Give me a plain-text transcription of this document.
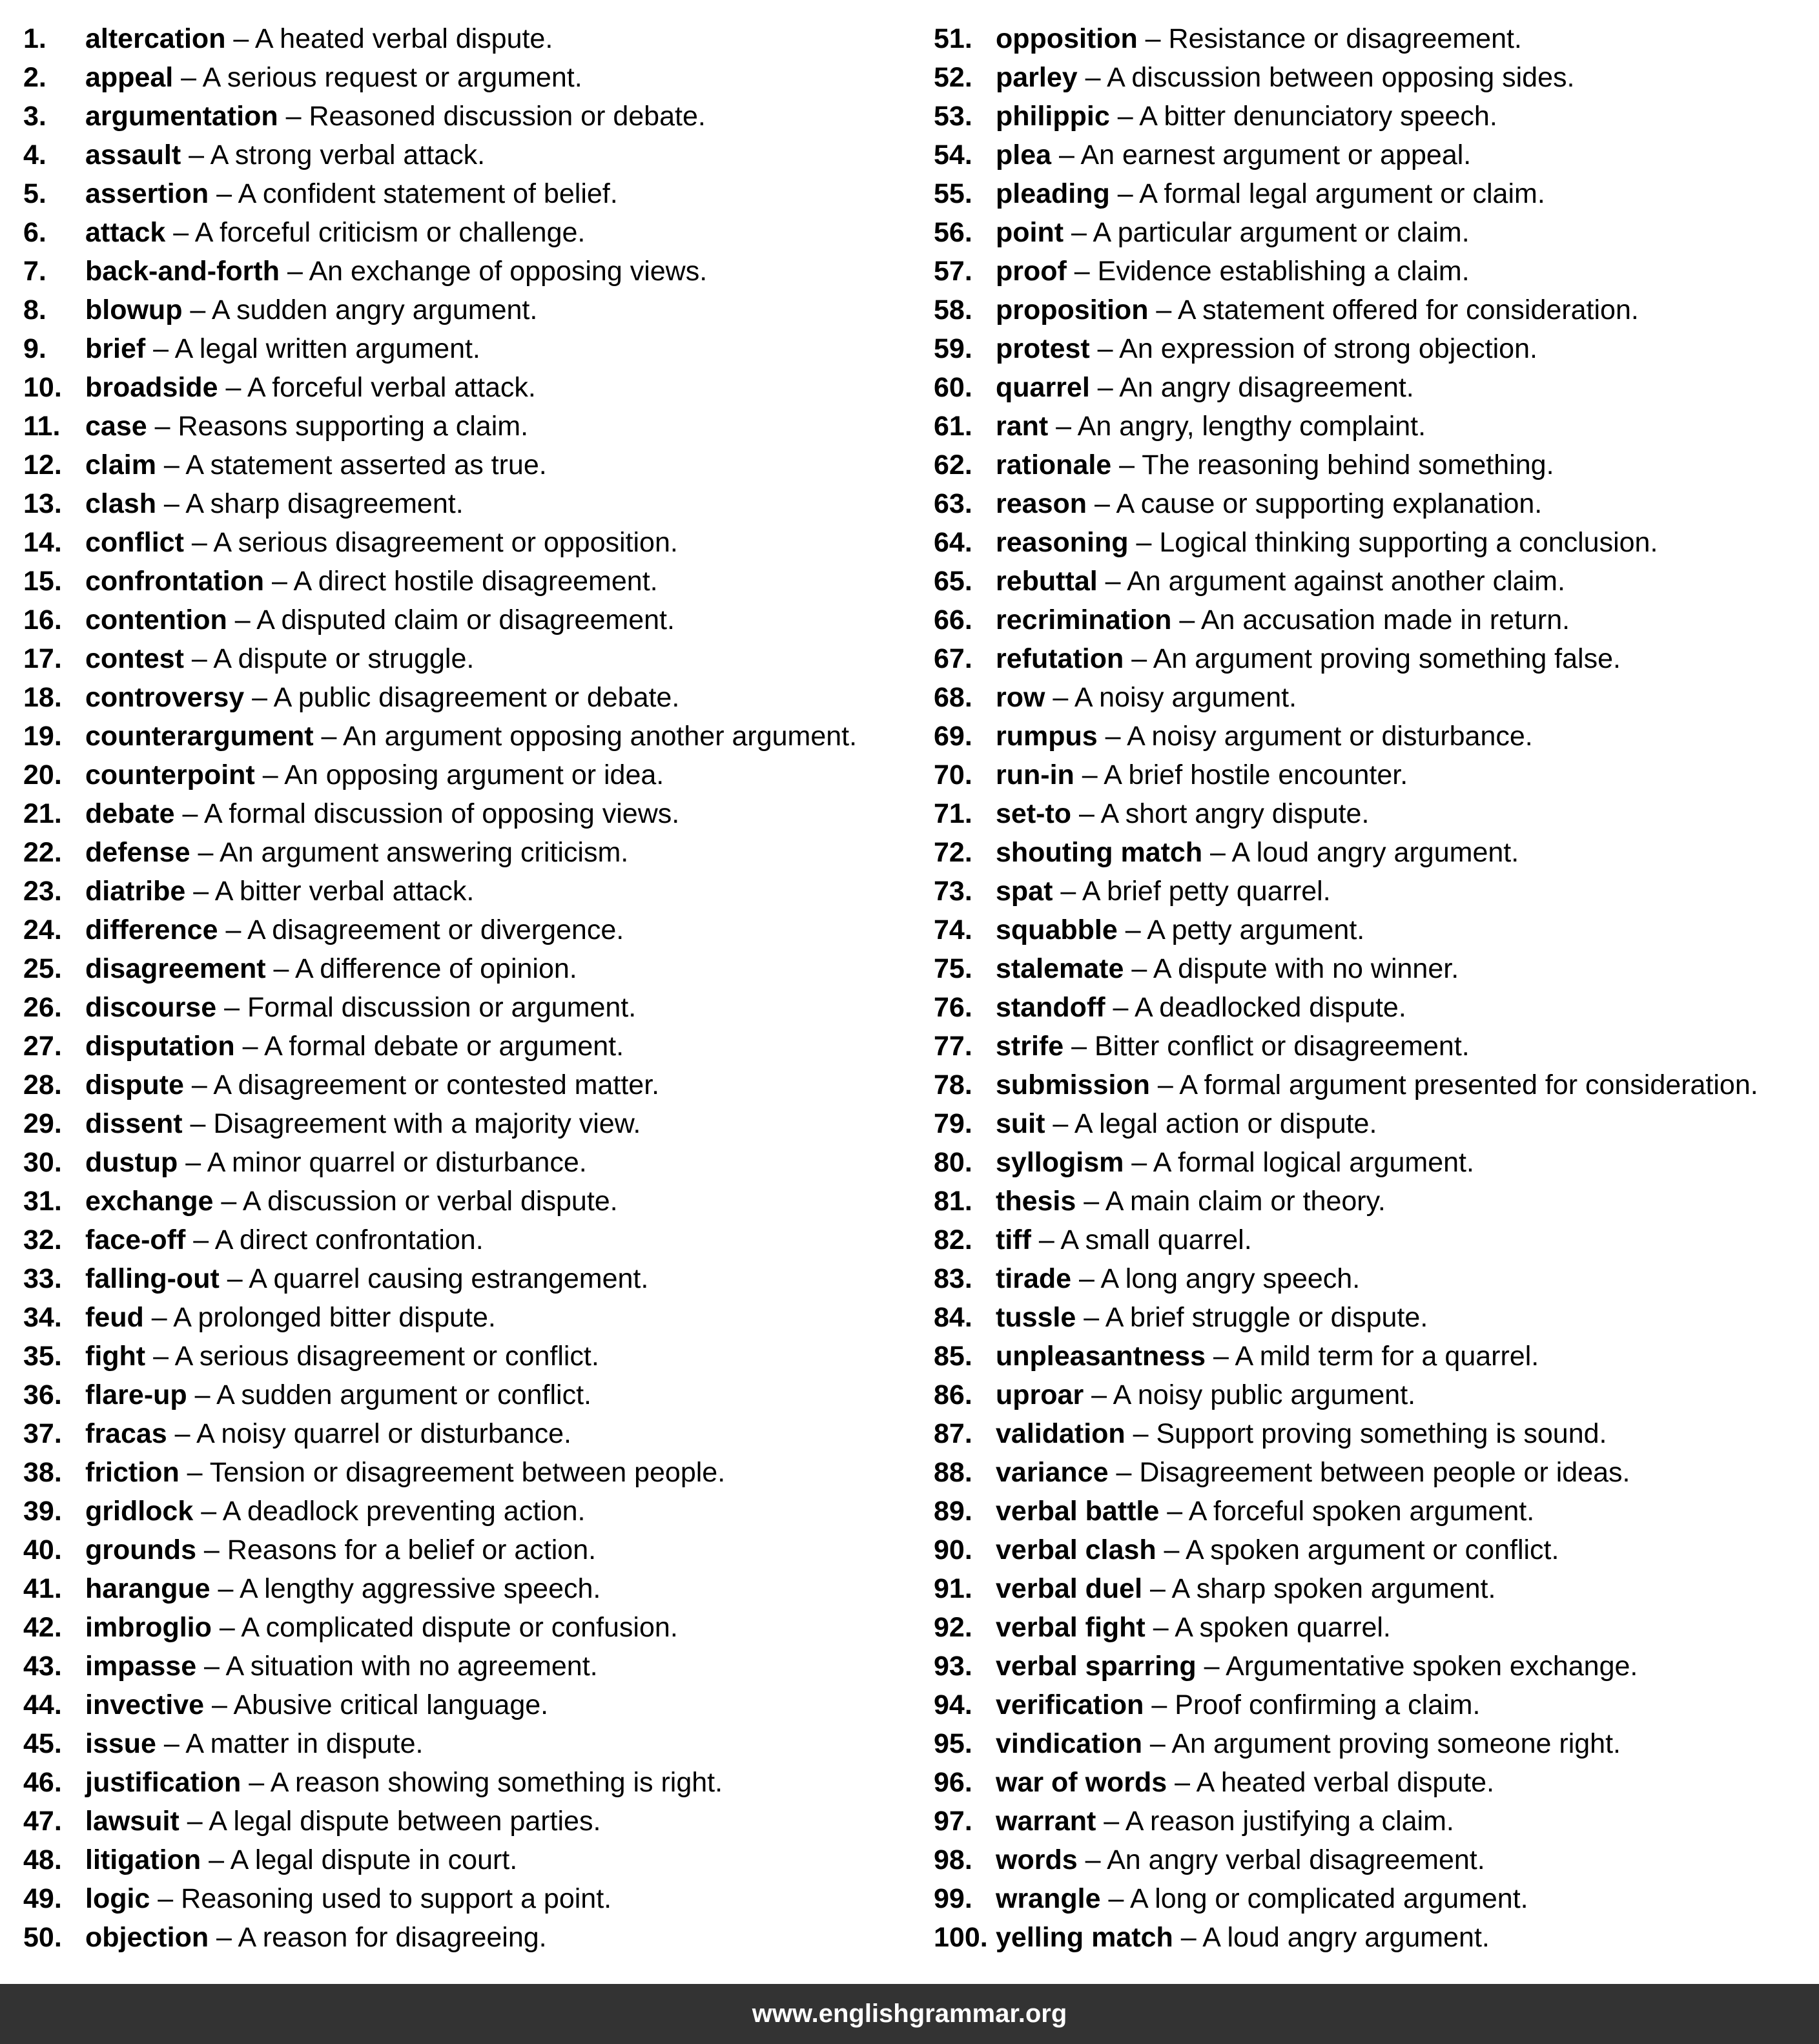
1. altercation – A heated verbal dispute.
2. appeal – A serious request or argument.
3. argumentation – Reasoned discussion or debate.
4. assault – A strong verbal attack.
5. assertion – A confident statement of belief.
6. attack – A forceful criticism or challenge.
7. back-and-forth – An exchange of opposing views.
8. blowup – A sudden angry argument.
9. brief – A legal written argument.
10. broadside – A forceful verbal attack.
11. case – Reasons supporting a claim.
12. claim – A statement asserted as true.
13. clash – A sharp disagreement.
14. conflict – A serious disagreement or opposition.
15. confrontation – A direct hostile disagreement.
16. contention – A disputed claim or disagreement.
17. contest – A dispute or struggle.
18. controversy – A public disagreement or debate.
19. counterargument – An argument opposing another argument.
20. counterpoint – An opposing argument or idea.
21. debate – A formal discussion of opposing views.
22. defense – An argument answering criticism.
23. diatribe – A bitter verbal attack.
24. difference – A disagreement or divergence.
25. disagreement – A difference of opinion.
26. discourse – Formal discussion or argument.
27. disputation – A formal debate or argument.
28. dispute – A disagreement or contested matter.
29. dissent – Disagreement with a majority view.
30. dustup – A minor quarrel or disturbance.
31. exchange – A discussion or verbal dispute.
32. face-off – A direct confrontation.
33. falling-out – A quarrel causing estrangement.
34. feud – A prolonged bitter dispute.
35. fight – A serious disagreement or conflict.
36. flare-up – A sudden argument or conflict.
37. fracas – A noisy quarrel or disturbance.
38. friction – Tension or disagreement between people.
39. gridlock – A deadlock preventing action.
40. grounds – Reasons for a belief or action.
41. harangue – A lengthy aggressive speech.
42. imbroglio – A complicated dispute or confusion.
43. impasse – A situation with no agreement.
44. invective – Abusive critical language.
45. issue – A matter in dispute.
46. justification – A reason showing something is right.
47. lawsuit – A legal dispute between parties.
48. litigation – A legal dispute in court.
49. logic – Reasoning used to support a point.
50. objection – A reason for disagreeing.
51. opposition – Resistance or disagreement.
52. parley – A discussion between opposing sides.
53. philippic – A bitter denunciatory speech.
54. plea – An earnest argument or appeal.
55. pleading – A formal legal argument or claim.
56. point – A particular argument or claim.
57. proof – Evidence establishing a claim.
58. proposition – A statement offered for consideration.
59. protest – An expression of strong objection.
60. quarrel – An angry disagreement.
61. rant – An angry, lengthy complaint.
62. rationale – The reasoning behind something.
63. reason – A cause or supporting explanation.
64. reasoning – Logical thinking supporting a conclusion.
65. rebuttal – An argument against another claim.
66. recrimination – An accusation made in return.
67. refutation – An argument proving something false.
68. row – A noisy argument.
69. rumpus – A noisy argument or disturbance.
70. run-in – A brief hostile encounter.
71. set-to – A short angry dispute.
72. shouting match – A loud angry argument.
73. spat – A brief petty quarrel.
74. squabble – A petty argument.
75. stalemate – A dispute with no winner.
76. standoff – A deadlocked dispute.
77. strife – Bitter conflict or disagreement.
78. submission – A formal argument presented for consideration.
79. suit – A legal action or dispute.
80. syllogism – A formal logical argument.
81. thesis – A main claim or theory.
82. tiff – A small quarrel.
83. tirade – A long angry speech.
84. tussle – A brief struggle or dispute.
85. unpleasantness – A mild term for a quarrel.
86. uproar – A noisy public argument.
87. validation – Support proving something is sound.
88. variance – Disagreement between people or ideas.
89. verbal battle – A forceful spoken argument.
90. verbal clash – A spoken argument or conflict.
91. verbal duel – A sharp spoken argument.
92. verbal fight – A spoken quarrel.
93. verbal sparring – Argumentative spoken exchange.
94. verification – Proof confirming a claim.
95. vindication – An argument proving someone right.
96. war of words – A heated verbal dispute.
97. warrant – A reason justifying a claim.
98. words – An angry verbal disagreement.
99. wrangle – A long or complicated argument.
100. yelling match – A loud angry argument.
www.englishgrammar.org
